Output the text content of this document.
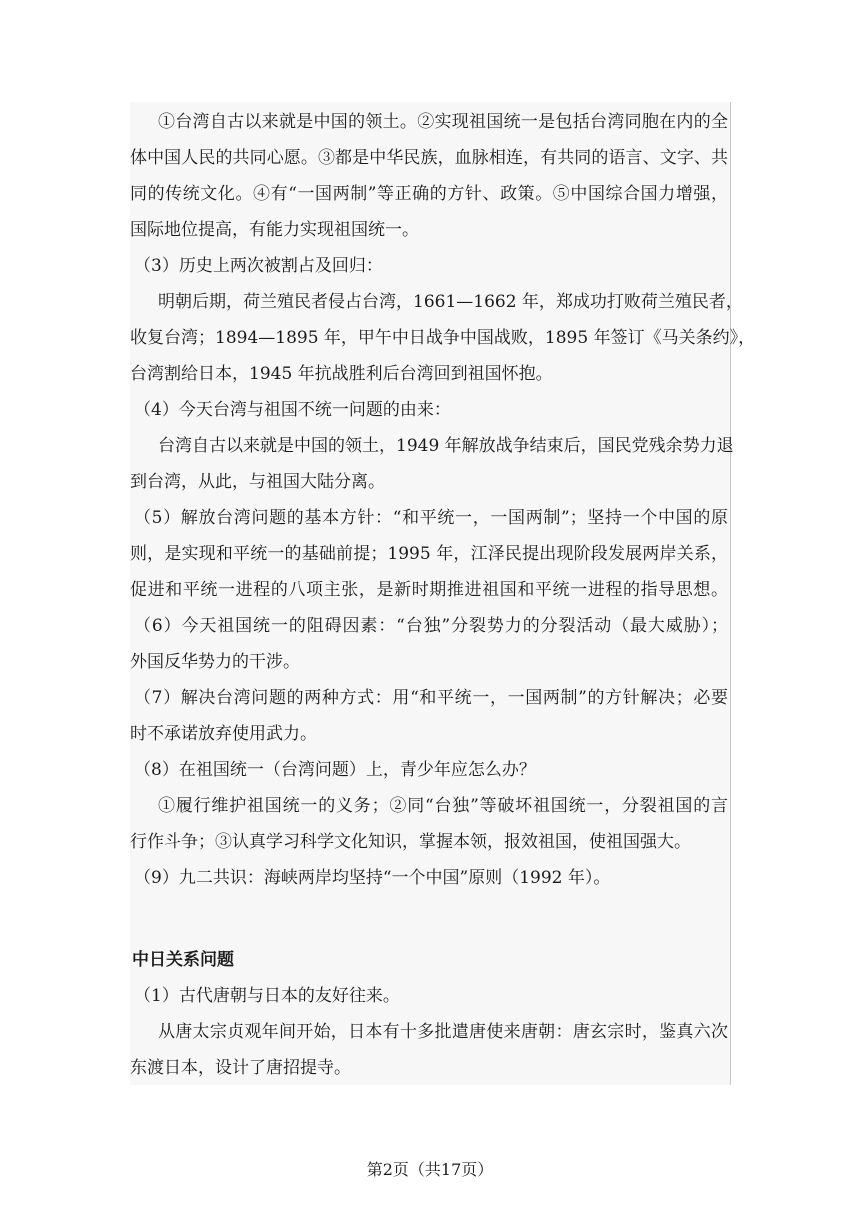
①台湾自古以来就是中国的领土。②实现祖国统一是包括台湾同胞在内的全
体中国人民的共同心愿。③都是中华民族，血脉相连，有共同的语言、文字、共
同的传统文化。④有“一国两制”等正确的方针、政策。⑤中国综合国力增强，
国际地位提高，有能力实现祖国统一。
（3）历史上两次被割占及回归：
明朝后期，荷兰殖民者侵占台湾，1661—1662 年，郑成功打败荷兰殖民者，
收复台湾；1894—1895 年，甲午中日战争中国战败，1895 年签订《马关条约》，
台湾割给日本，1945 年抗战胜利后台湾回到祖国怀抱。
（4）今天台湾与祖国不统一问题的由来：
台湾自古以来就是中国的领土，1949 年解放战争结束后，国民党残余势力退
到台湾，从此，与祖国大陆分离。
（5）解放台湾问题的基本方针：“和平统一，一国两制”；坚持一个中国的原
则，是实现和平统一的基础前提；1995 年，江泽民提出现阶段发展两岸关系，
促进和平统一进程的八项主张，是新时期推进祖国和平统一进程的指导思想。
（6）今天祖国统一的阻碍因素：“台独”分裂势力的分裂活动（最大威胁）；
外国反华势力的干涉。
（7）解决台湾问题的两种方式：用“和平统一，一国两制”的方针解决；必要
时不承诺放弃使用武力。
（8）在祖国统一（台湾问题）上，青少年应怎么办？
①履行维护祖国统一的义务；②同“台独”等破坏祖国统一，分裂祖国的言
行作斗争；③认真学习科学文化知识，掌握本领，报效祖国，使祖国强大。
（9）九二共识：海峡两岸均坚持“一个中国”原则（1992 年）。
中日关系问题
（1）古代唐朝与日本的友好往来。
从唐太宗贞观年间开始，日本有十多批遣唐使来唐朝：唐玄宗时，鉴真六次
东渡日本，设计了唐招提寺。
第2页（共17页）
